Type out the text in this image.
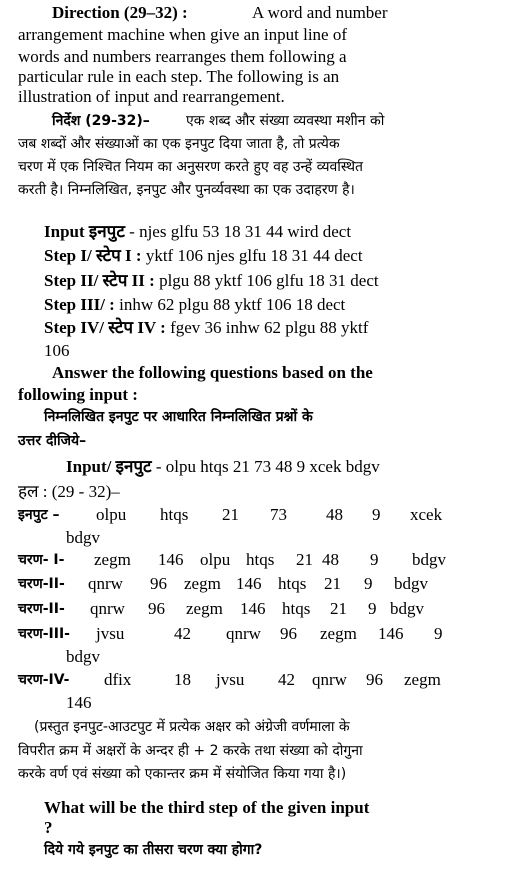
Direction (29–32) :	A word and number
arrangement machine when give an input line of
words and numbers rearranges them following a
particular rule in each step. The following is an
illustration of input and rearrangement.
निर्देश (29-32)–	एक शब्द और संख्या व्यवस्था मशीन को
जब शब्दों और संख्याओं का एक इनपुट दिया जाता है, तो प्रत्येक
चरण में एक निश्चित नियम का अनुसरण करते हुए वह उन्हें व्यवस्थित
करती है। निम्नलिखित, इनपुट और पुनर्व्यवस्था का एक उदाहरण है।
Input इनपुट - njes glfu 53 18 31 44 wird dect
Step I/ स्टेप I : yktf 106 njes glfu 18 31 44 dect
Step II/ स्टेप II : plgu 88 yktf 106 glfu 18 31 dect
Step III/ : inhw 62 plgu 88 yktf 106 18 dect
Step IV/ स्टेप IV : fgev 36 inhw 62 plgu 88 yktf
106
Answer the following questions based on the
following input :
निम्नलिखित इनपुट पर आधारित निम्नलिखित प्रश्नों के
उत्तर दीजिये–
Input/ इनपुट - olpu htqs 21 73 48 9 xcek bdgv
हल : (29 - 32)–
इनपुट – olpu htqs 21 73 48 9 xcek
bdgv
चरण- I- zegm 146 olpu htqs 21 48 9 bdgv
चरण-II- qnrw 96 zegm 146 htqs 21 9 bdgv
चरण-II- qnrw 96 zegm 146 htqs 21 9 bdgv
चरण-III- jvsu	42 qnrw 96 zegm 146 9
bdgv
चरण-IV- dfix	18 jvsu 42 qnrw 96 zegm
146
(प्रस्तुत इनपुट-आउटपुट में प्रत्येक अक्षर को अंग्रेजी वर्णमाला के
विपरीत क्रम में अक्षरों के अन्दर ही + 2 करके तथा संख्या को दोगुना
करके वर्ण एवं संख्या को एकान्तर क्रम में संयोजित किया गया है।)
What will be the third step of the given input
?
दिये गये इनपुट का तीसरा चरण क्या होगा?
